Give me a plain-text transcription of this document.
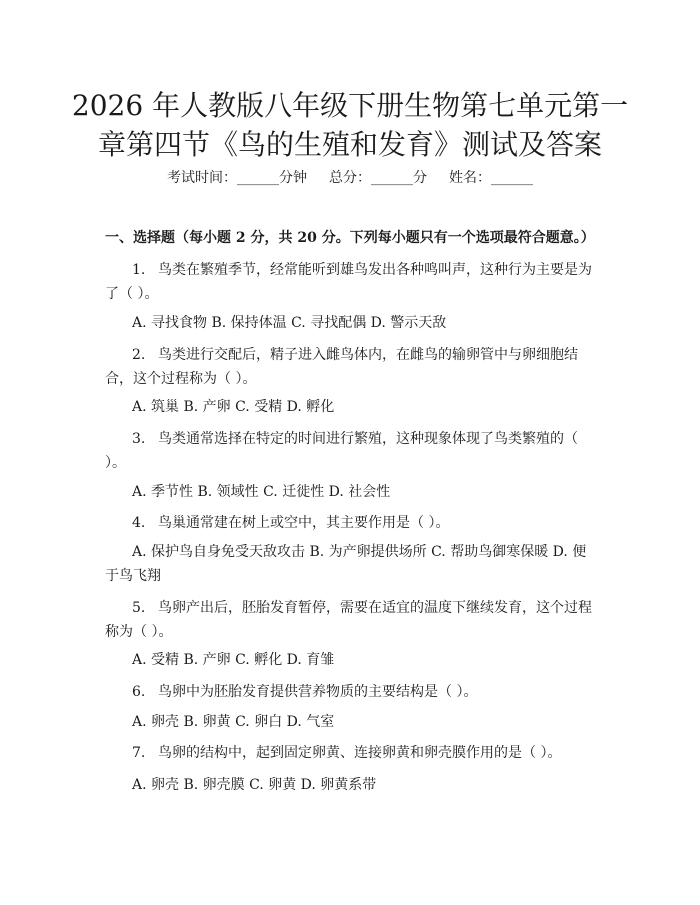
2026 年人教版八年级下册生物第七单元第一
章第四节《鸟的生殖和发育》测试及答案
考试时间：______分钟 总分：______分 姓名：______
一、选择题（每小题 2 分，共 20 分。下列每小题只有一个选项最符合题意。）

1. 鸟类在繁殖季节，经常能听到雄鸟发出各种鸣叫声，这种行为主要是为了（ ）。

A. 寻找食物 B. 保持体温 C. 寻找配偶 D. 警示天敌

2. 鸟类进行交配后，精子进入雌鸟体内，在雌鸟的输卵管中与卵细胞结合，这个过程称为（ ）。

A. 筑巢 B. 产卵 C. 受精 D. 孵化

3. 鸟类通常选择在特定的时间进行繁殖，这种现象体现了鸟类繁殖的（ ）。

A. 季节性 B. 领域性 C. 迁徙性 D. 社会性

4. 鸟巢通常建在树上或空中，其主要作用是（ ）。

A. 保护鸟自身免受天敌攻击 B. 为产卵提供场所 C. 帮助鸟御寒保暖 D. 便于鸟飞翔

5. 鸟卵产出后，胚胎发育暂停，需要在适宜的温度下继续发育，这个过程称为（ ）。

A. 受精 B. 产卵 C. 孵化 D. 育雏

6. 鸟卵中为胚胎发育提供营养物质的主要结构是（ ）。

A. 卵壳 B. 卵黄 C. 卵白 D. 气室

7. 鸟卵的结构中，起到固定卵黄、连接卵黄和卵壳膜作用的是（ ）。

A. 卵壳 B. 卵壳膜 C. 卵黄 D. 卵黄系带
